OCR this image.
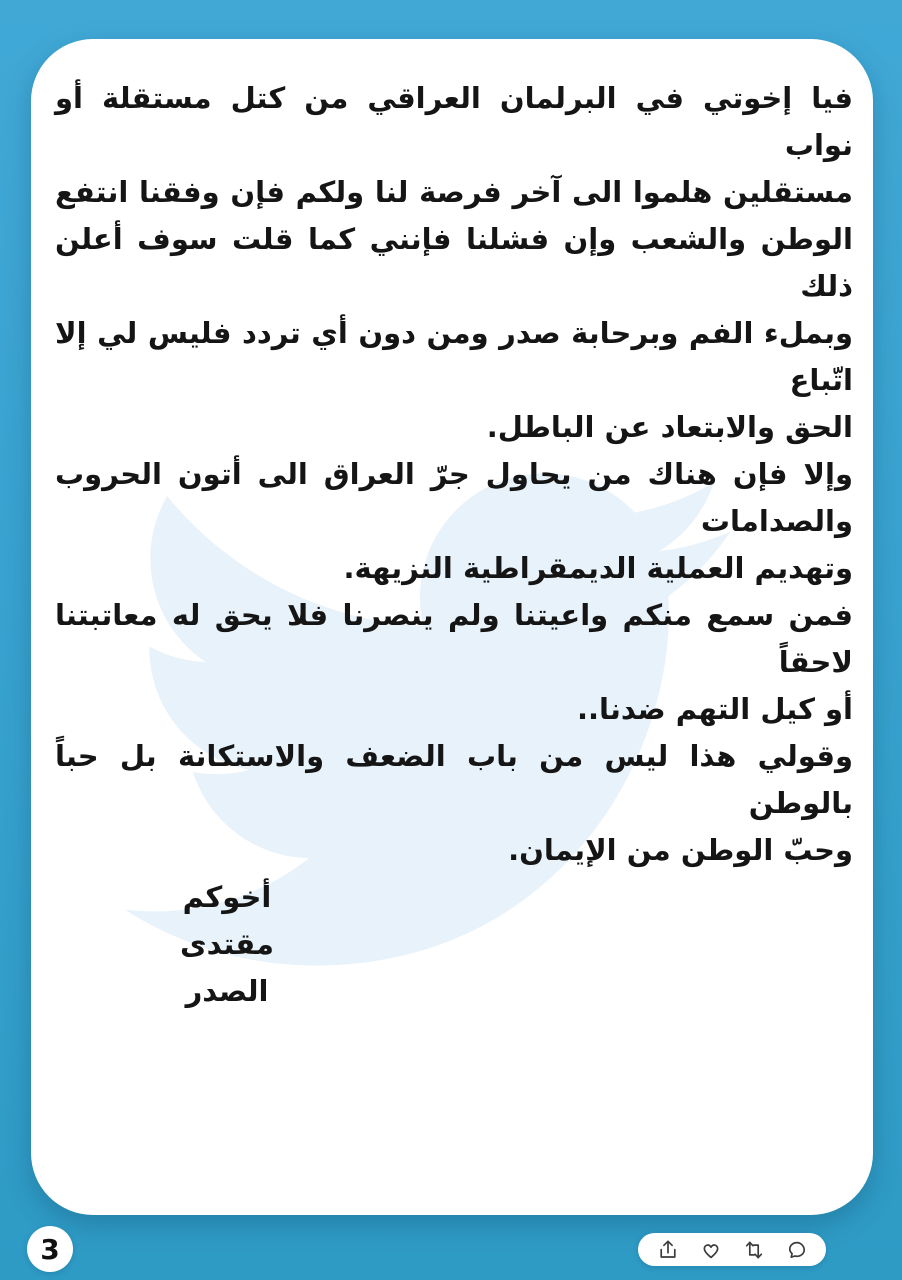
فيا إخوتي في البرلمان العراقي من كتل مستقلة أو نواب
مستقلين هلموا الى آخر فرصة لنا ولكم فإن وفقنا انتفع
الوطن والشعب وإن فشلنا فإنني كما قلت سوف أعلن ذلك
وبملء الفم وبرحابة صدر ومن دون أي تردد فليس لي إلا اتّباع
الحق والابتعاد عن الباطل.
وإلا فإن هناك من يحاول جرّ العراق الى أتون الحروب والصدامات
وتهديم العملية الديمقراطية النزيهة.
فمن سمع منكم واعيتنا ولم ينصرنا فلا يحق له معاتبتنا لاحقاً
أو كيل التهم ضدنا..
وقولي هذا ليس من باب الضعف والاستكانة بل حباً بالوطن
وحبّ الوطن من الإيمان.
أخوكم
مقتدى الصدر
3
